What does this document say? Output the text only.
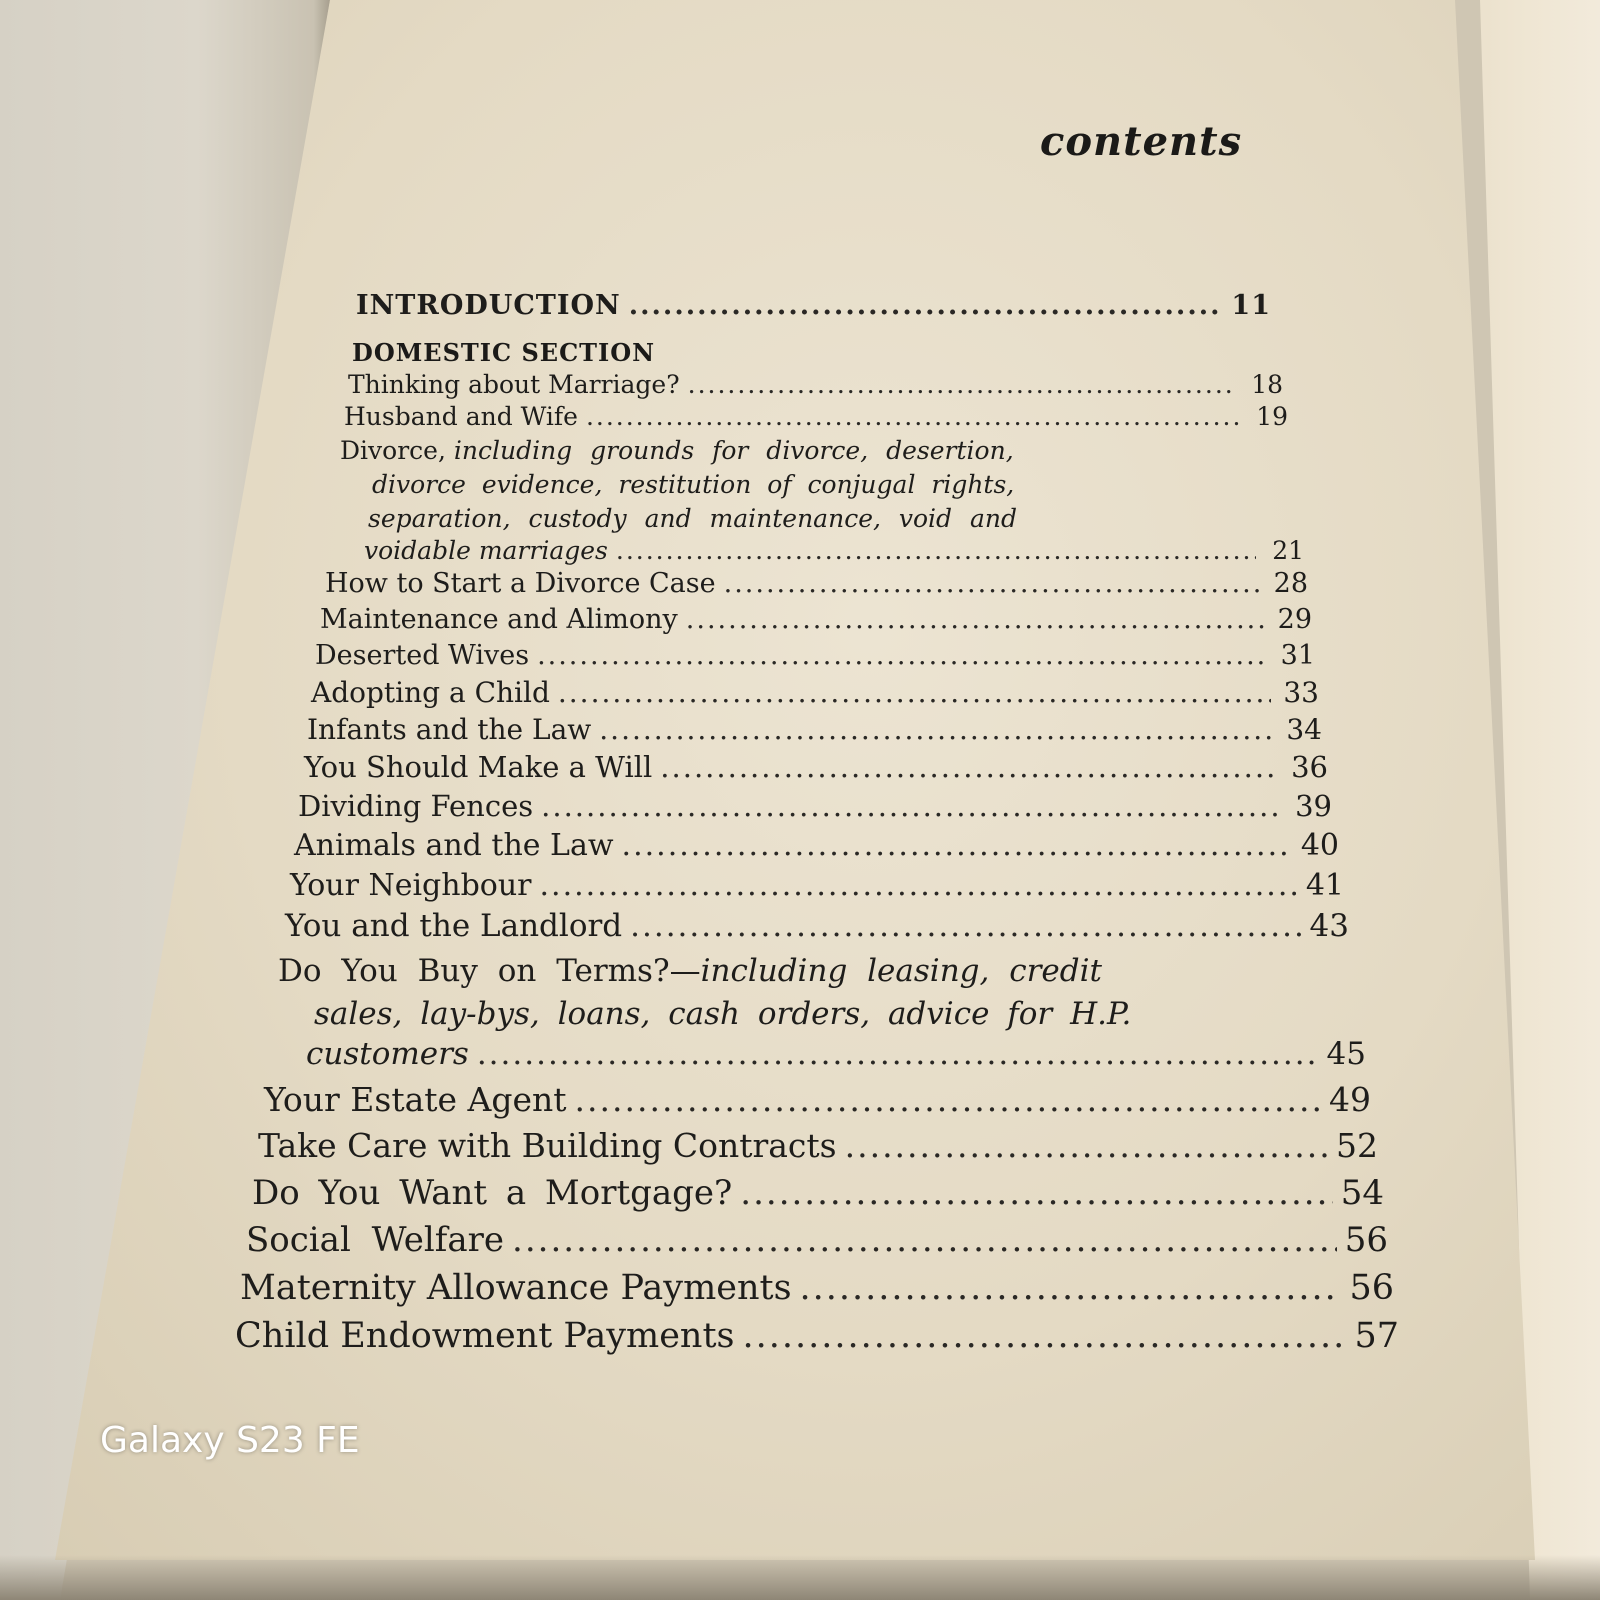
contents
INTRODUCTION .....	11
DOMESTIC SECTION
Thinking about Marriage? .....	18
Husband and Wife .....	19
Divorce, including grounds for divorce, desertion,
divorce evidence, restitution of conjugal rights,
separation, custody and maintenance, void and
voidable marriages .....	21
How to Start a Divorce Case .....	28
Maintenance and Alimony .....	29
Deserted Wives .....	31
Adopting a Child .....	33
Infants and the Law .....	34
You Should Make a Will .....	36
Dividing Fences .....	39
Animals and the Law .....	40
Your Neighbour .....	41
You and the Landlord .....	43
Do You Buy on Terms?—including leasing, credit
sales, lay-bys, loans, cash orders, advice for H.P.
customers .....	45
Your Estate Agent .....	49
Take Care with Building Contracts .....	52
Do You Want a Mortgage? .....	54
Social Welfare .....	56
Maternity Allowance Payments .....	56
Child Endowment Payments .....	57
Galaxy S23 FE
